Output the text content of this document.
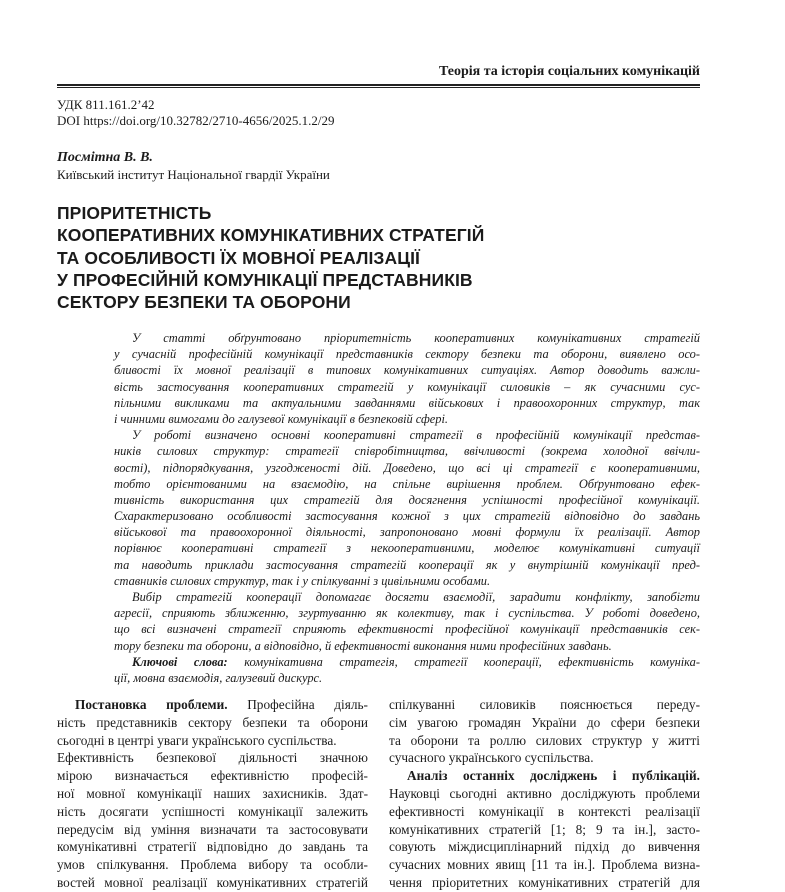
Теорія та історія соціальних комунікацій
УДК 811.161.2’42
DOI https://doi.org/10.32782/2710-4656/2025.1.2/29
Посмітна В. В.
Київський інститут Національної гвардії України
ПРІОРИТЕТНІСТЬ
КООПЕРАТИВНИХ КОМУНІКАТИВНИХ СТРАТЕГІЙ
ТА ОСОБЛИВОСТІ ЇХ МОВНОЇ РЕАЛІЗАЦІЇ
У ПРОФЕСІЙНІЙ КОМУНІКАЦІЇ ПРЕДСТАВНИКІВ
СЕКТОРУ БЕЗПЕКИ ТА ОБОРОНИ
У статті обґрунтовано пріоритетність кооперативних комунікативних стратегій
у сучасній професійній комунікації представників сектору безпеки та оборони, виявлено осо-
бливості їх мовної реалізації в типових комунікативних ситуаціях. Автор доводить важли-
вість застосування кооперативних стратегій у комунікації силовиків – як сучасними сус-
пільними викликами та актуальними завданнями військових і правоохоронних структур, так
і чинними вимогами до галузевої комунікації в безпековій сфері.
У роботі визначено основні кооперативні стратегії в професійній комунікації представ-
ників силових структур: стратегії співробітництва, ввічливості (зокрема холодної ввічли-
вості), підпорядкування, узгодженості дій. Доведено, що всі ці стратегії є кооперативними,
тобто орієнтованими на взаємодію, на спільне вирішення проблем. Обґрунтовано ефек-
тивність використання цих стратегій для досягнення успішності професійної комунікації.
Схарактеризовано особливості застосування кожної з цих стратегій відповідно до завдань
військової та правоохоронної діяльності, запропоновано мовні формули їх реалізації. Автор
порівнює кооперативні стратегії з некооперативними, моделює комунікативні ситуації
та наводить приклади застосування стратегій кооперації як у внутрішній комунікації пред-
ставників силових структур, так і у спілкуванні з цивільними особами.
Вибір стратегій кооперації допомагає досягти взаємодії, зарадити конфлікту, запобігти
агресії, сприяють зближенню, згуртуванню як колективу, так і суспільства. У роботі доведено,
що всі визначені стратегії сприяють ефективності професійної комунікації представників сек-
тору безпеки та оборони, а відповідно, й ефективності виконання ними професійних завдань.
Ключові слова: комунікативна стратегія, стратегії кооперації, ефективність комуніка-
ції, мовна взаємодія, галузевий дискурс.
Постановка проблеми. Професійна діяль-
ність представників сектору безпеки та оборони
сьогодні в центрі уваги українського суспільства.
Ефективність безпекової діяльності значною
мірою визначається ефективністю професій-
ної мовної комунікації наших захисників. Здат-
ність досягати успішності комунікації залежить
передусім від уміння визначати та застосовувати
комунікативні стратегії відповідно до завдань та
умов спілкування. Проблема вибору та особли-
востей мовної реалізації комунікативних стратегій
спілкуванні силовиків пояснюється переду-
сім увагою громадян України до сфери безпеки
та оборони та роллю силових структур у житті
сучасного українського суспільства.
Аналіз останніх досліджень і публікацій.
Науковці сьогодні активно досліджують проблеми
ефективності комунікації в контексті реалізації
комунікативних стратегій [1; 8; 9 та ін.], засто-
совують міждисциплінарний підхід до вивчення
сучасних мовних явищ [11 та ін.]. Проблема визна-
чення пріоритетних комунікативних стратегій для
